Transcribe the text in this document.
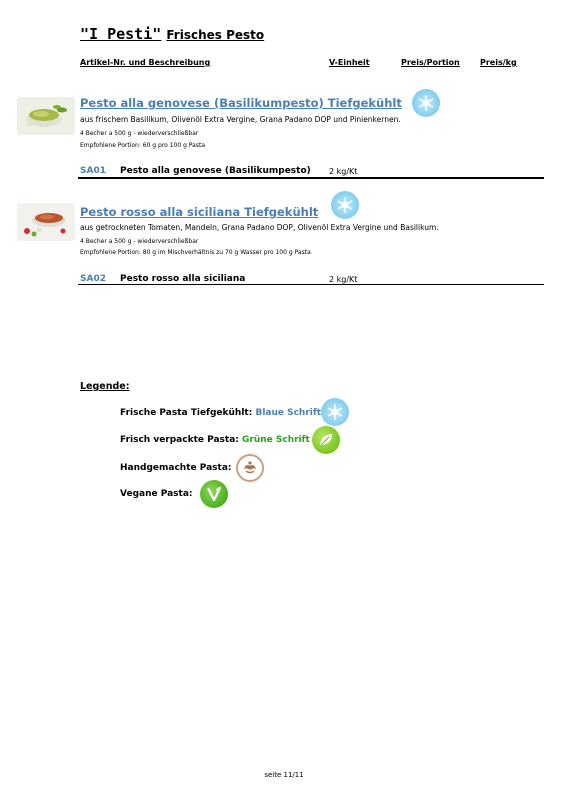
"I Pesti" Frisches Pesto
Artikel-Nr. und Beschreibung	V-Einheit	Preis/Portion	Preis/kg
Pesto alla genovese (Basilikumpesto) Tiefgekühlt
aus frischem Basilikum, Olivenöl Extra Vergine, Grana Padano DOP und Pinienkernen.
4 Becher a 500 g - wiederverschließbar
Empfohlene Portion: 60 g pro 100 g Pasta
SA01 Pesto alla genovese (Basilikumpesto) 2 kg/Kt
Pesto rosso alla siciliana Tiefgekühlt
aus getrockneten Tomaten, Mandeln, Grana Padano DOP, Olivenöl Extra Vergine und Basilikum.
4 Becher a 500 g - wiederverschließbar
Empfohlene Portion: 80 g im Mischverhältnis zu 70 g Wasser pro 100 g Pasta
SA02 Pesto rosso alla siciliana	2 kg/Kt
Legende:
Frische Pasta Tiefgekühlt: Blaue Schrift
Frisch verpackte Pasta: Grüne Schrift
Handgemachte Pasta:
Vegane Pasta:
seite 11/11
